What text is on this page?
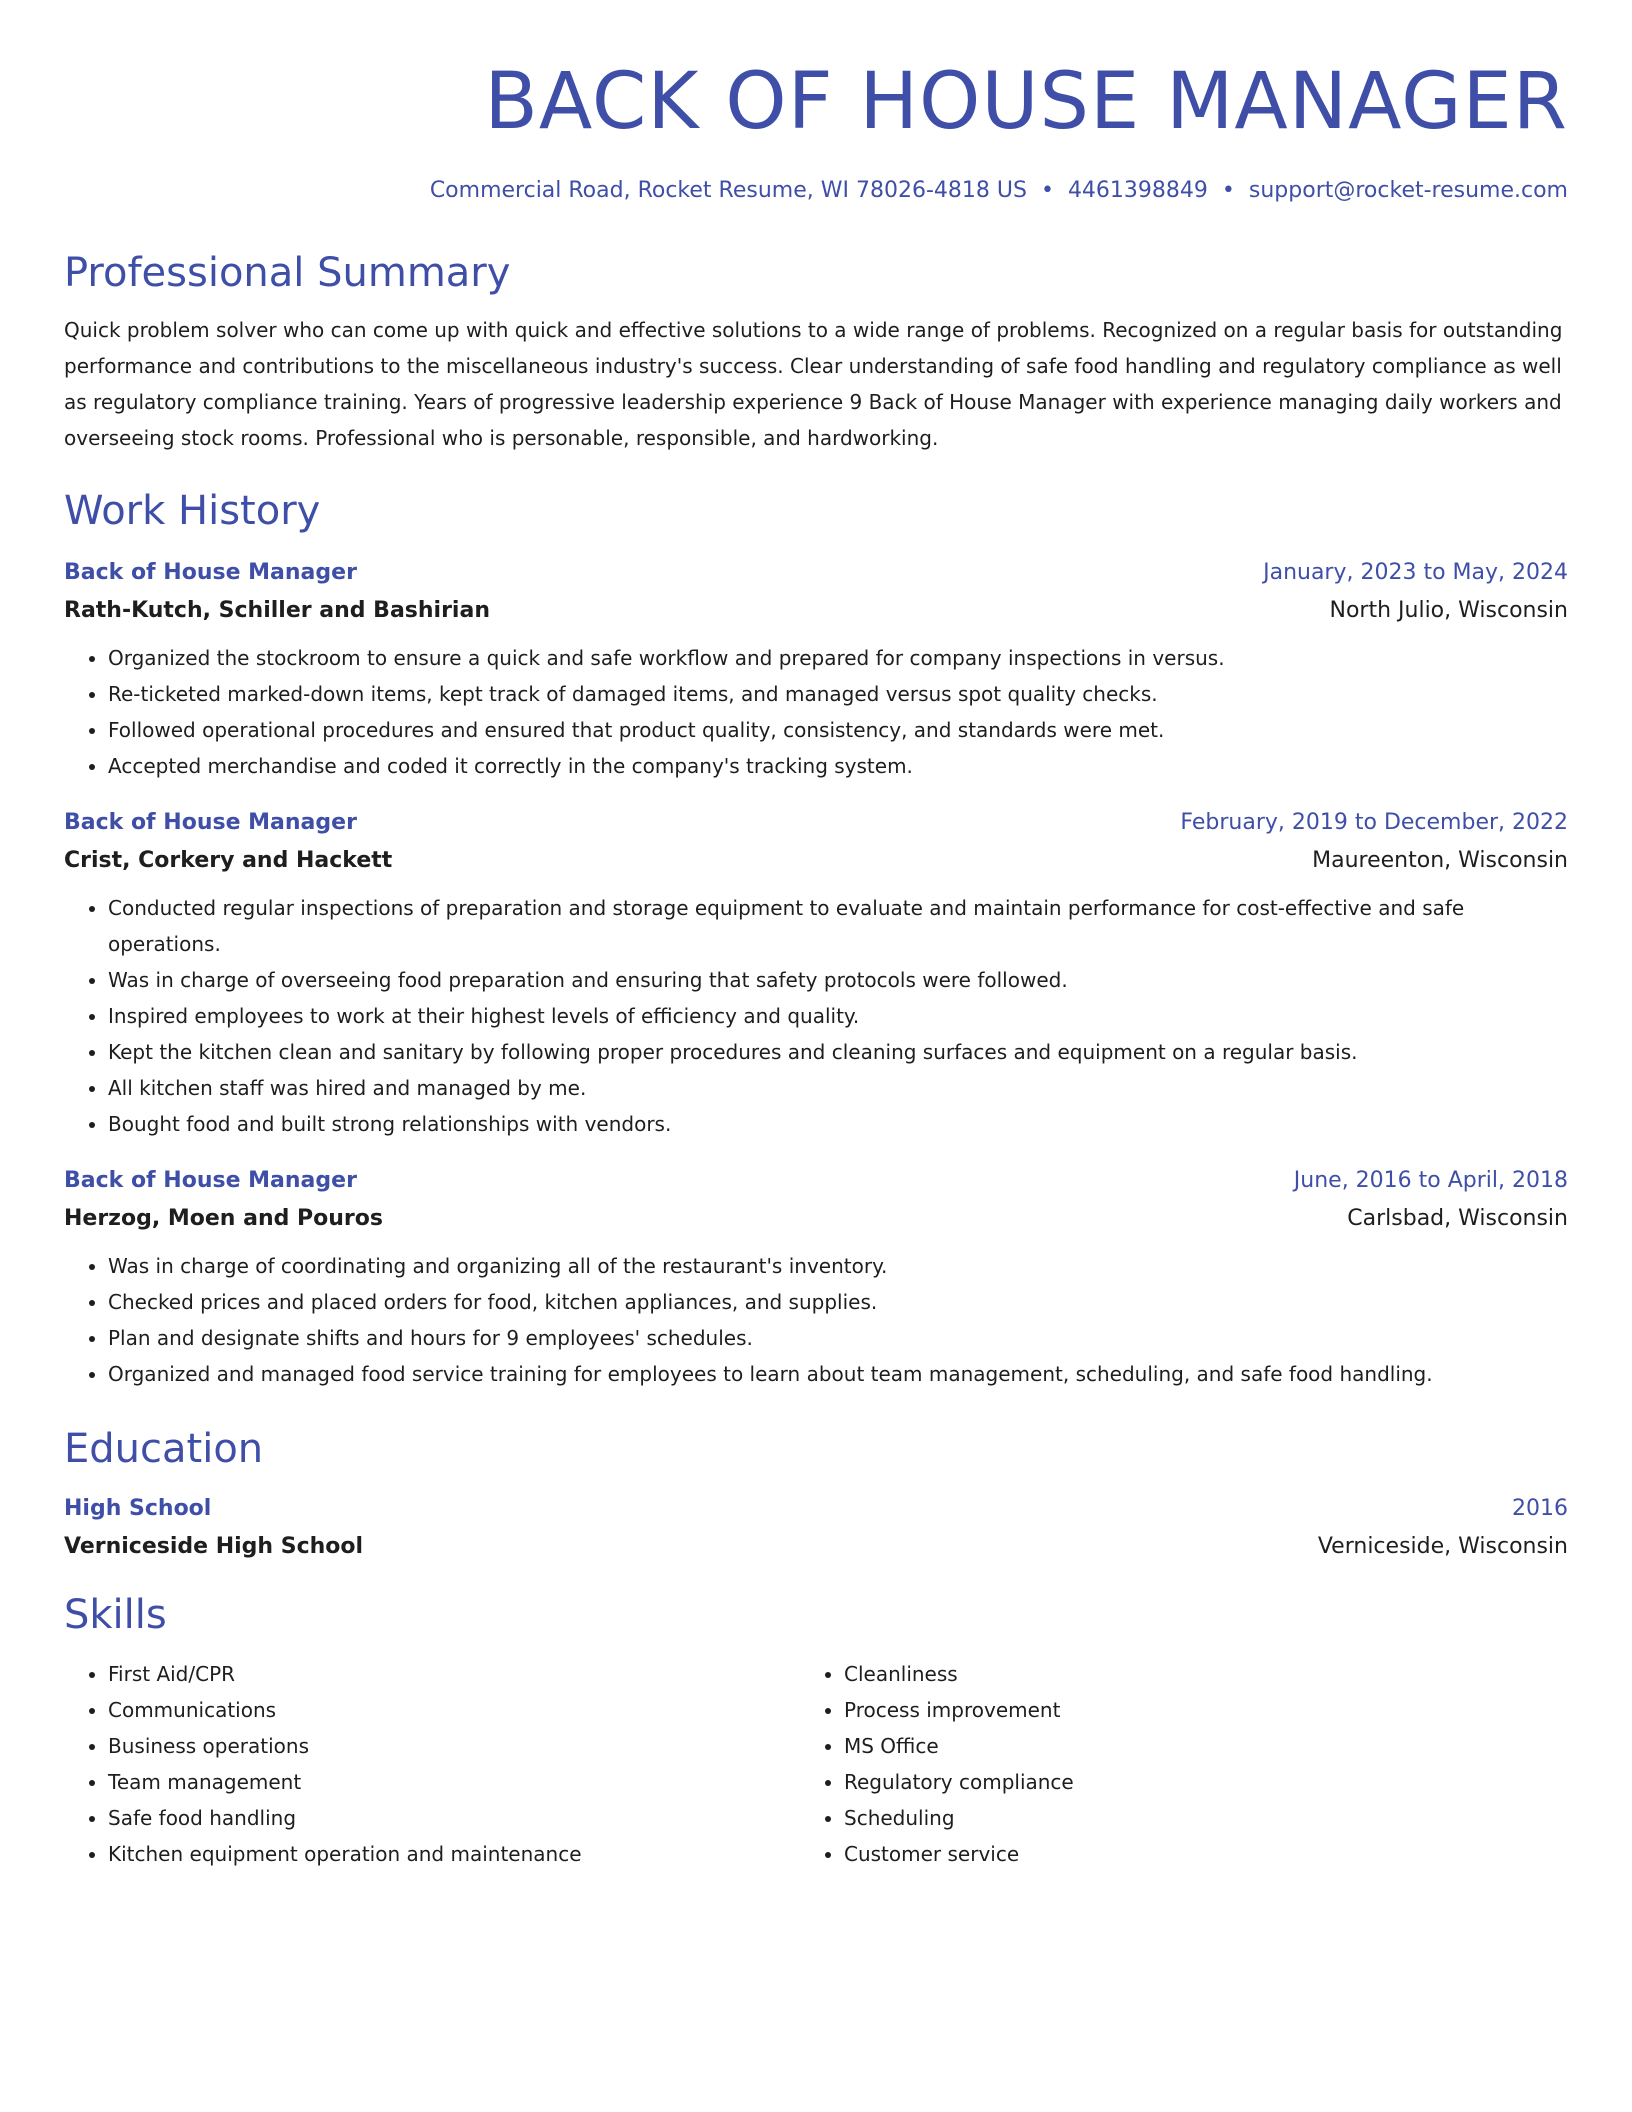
BACK OF HOUSE MANAGER
Commercial Road, Rocket Resume, WI 78026-4818 US • 4461398849 • support@rocket-resume.com
Professional Summary
Quick problem solver who can come up with quick and effective solutions to a wide range of problems. Recognized on a regular basis for outstanding performance and contributions to the miscellaneous industry's success. Clear understanding of safe food handling and regulatory compliance as well as regulatory compliance training. Years of progressive leadership experience 9 Back of House Manager with experience managing daily workers and overseeing stock rooms. Professional who is personable, responsible, and hardworking.
Work History
Back of House Manager	January, 2023 to May, 2024
Rath-Kutch, Schiller and Bashirian	North Julio, Wisconsin
• Organized the stockroom to ensure a quick and safe workflow and prepared for company inspections in versus.
• Re-ticketed marked-down items, kept track of damaged items, and managed versus spot quality checks.
• Followed operational procedures and ensured that product quality, consistency, and standards were met.
• Accepted merchandise and coded it correctly in the company's tracking system.
Back of House Manager	February, 2019 to December, 2022
Crist, Corkery and Hackett	Maureenton, Wisconsin
• Conducted regular inspections of preparation and storage equipment to evaluate and maintain performance for cost-effective and safe operations.
• Was in charge of overseeing food preparation and ensuring that safety protocols were followed.
• Inspired employees to work at their highest levels of efficiency and quality.
• Kept the kitchen clean and sanitary by following proper procedures and cleaning surfaces and equipment on a regular basis.
• All kitchen staff was hired and managed by me.
• Bought food and built strong relationships with vendors.
Back of House Manager	June, 2016 to April, 2018
Herzog, Moen and Pouros	Carlsbad, Wisconsin
• Was in charge of coordinating and organizing all of the restaurant's inventory.
• Checked prices and placed orders for food, kitchen appliances, and supplies.
• Plan and designate shifts and hours for 9 employees' schedules.
• Organized and managed food service training for employees to learn about team management, scheduling, and safe food handling.
Education
High School	2016
Verniceside High School	Verniceside, Wisconsin
Skills
• First Aid/CPR
• Communications
• Business operations
• Team management
• Safe food handling
• Kitchen equipment operation and maintenance
• Cleanliness
• Process improvement
• MS Office
• Regulatory compliance
• Scheduling
• Customer service
